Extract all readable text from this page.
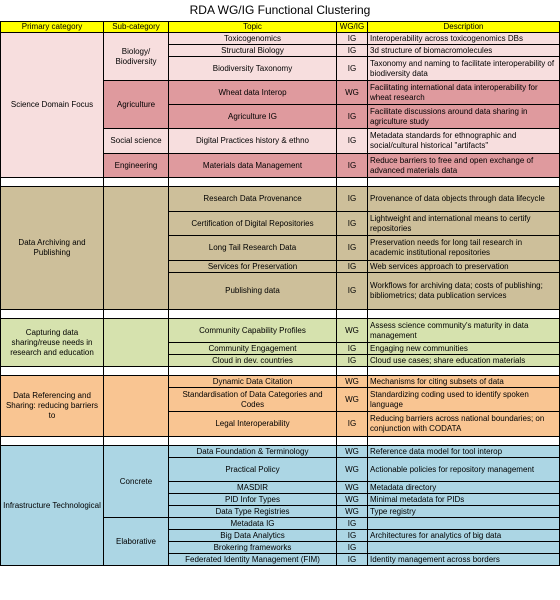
RDA WG/IG Functional Clustering
Primary category	Sub-category	Topic	WG/IG	Description
Science Domain Focus	Biology/ Biodiversity	Toxicogenomics	IG	Interoperability across toxicogenomics DBs
		Structural Biology	IG	3d structure of biomacromolecules
		Biodiversity Taxonomy	IG	Taxonomy and naming to facilitate interoperability of biodiversity data
	Agriculture	Wheat data Interop	WG	Facilitating international data interoperability for wheat research
		Agriculture IG	IG	Facilitate discussions around data sharing in agriculture study
	Social science	Digital Practices history & ethno	IG	Metadata standards for ethnographic and social/cultural historical "artifacts"
	Engineering	Materials data Management	IG	Reduce barriers to free and open exchange of advanced materials data

Data Archiving and Publishing		Research Data Provenance	IG	Provenance of data objects through data lifecycle
		Certification of Digital Repositories	IG	Lightweight and international means to certify repositories
		Long Tail Research Data	IG	Preservation needs for long tail research in academic institutional repositories
		Services for Preservation	IG	Web services approach to preservation
		Publishing data	IG	Workflows for archiving data; costs of publishing; bibliometrics; data publication services

Capturing data sharing/reuse needs in research and education		Community Capability Profiles	WG	Assess science community's maturity in data management
		Community Engagement	IG	Engaging new communities
		Cloud in dev. countries	IG	Cloud use cases; share education materials

Data Referencing and Sharing: reducing barriers to		Dynamic Data Citation	WG	Mechanisms for citing subsets of data
		Standardisation of Data Categories and Codes	WG	Standardizing coding used to identify spoken language
		Legal Interoperability	IG	Reducing barriers across national boundaries; on conjunction with CODATA

Infrastructure Technological	Concrete	Data Foundation & Terminology	WG	Reference data model for tool interop
		Practical Policy	WG	Actionable policies for repository management
		MASDIR	WG	Metadata directory
		PID Infor Types	WG	Minimal metadata for PIDs
		Data Type Registries	WG	Type registry
	Elaborative	Metadata IG	IG	
		Big Data Analytics	IG	Architectures for analytics of big data
		Brokering frameworks	IG	
		Federated Identity Management (FIM)	IG	Identity management across borders
